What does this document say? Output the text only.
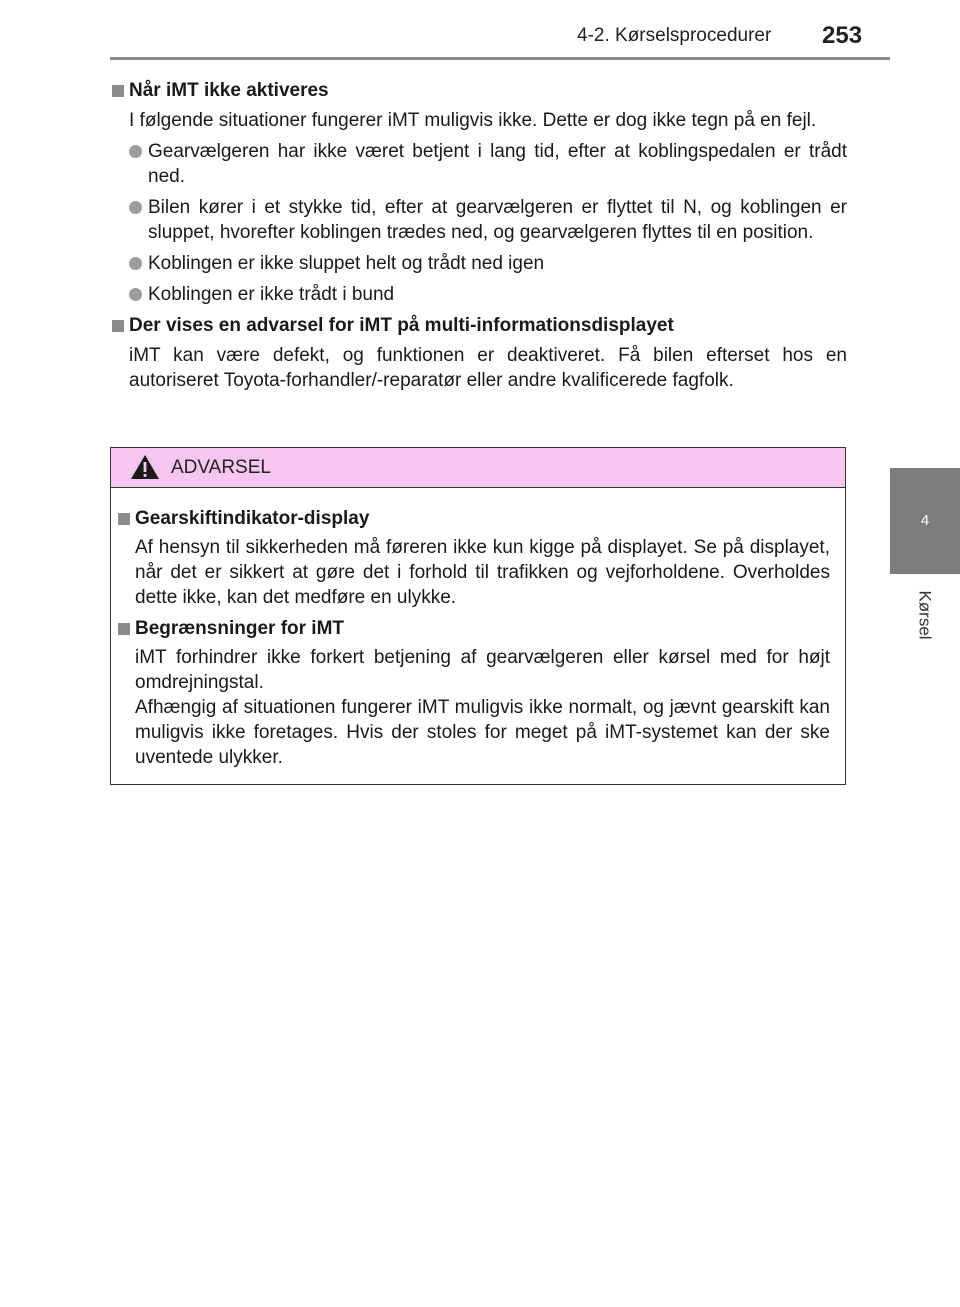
4-2. Kørselsprocedurer 253
4
Kørsel
Når iMT ikke aktiveres
I følgende situationer fungerer iMT muligvis ikke. Dette er dog ikke tegn på en fejl.
Gearvælgeren har ikke været betjent i lang tid, efter at koblingspedalen er trådt ned.
Bilen kører i et stykke tid, efter at gearvælgeren er flyttet til N, og koblingen er sluppet, hvorefter koblingen trædes ned, og gearvælgeren flyttes til en position.
Koblingen er ikke sluppet helt og trådt ned igen
Koblingen er ikke trådt i bund
Der vises en advarsel for iMT på multi-informationsdisplayet
iMT kan være defekt, og funktionen er deaktiveret. Få bilen efterset hos en autoriseret Toyota-forhandler/-reparatør eller andre kvalificerede fagfolk.
ADVARSEL
Gearskiftindikator-display
Af hensyn til sikkerheden må føreren ikke kun kigge på displayet. Se på displayet, når det er sikkert at gøre det i forhold til trafikken og vejforholdene. Overholdes dette ikke, kan det medføre en ulykke.
Begrænsninger for iMT
iMT forhindrer ikke forkert betjening af gearvælgeren eller kørsel med for højt omdrejningstal.
Afhængig af situationen fungerer iMT muligvis ikke normalt, og jævnt gearskift kan muligvis ikke foretages. Hvis der stoles for meget på iMT-systemet kan der ske uventede ulykker.
